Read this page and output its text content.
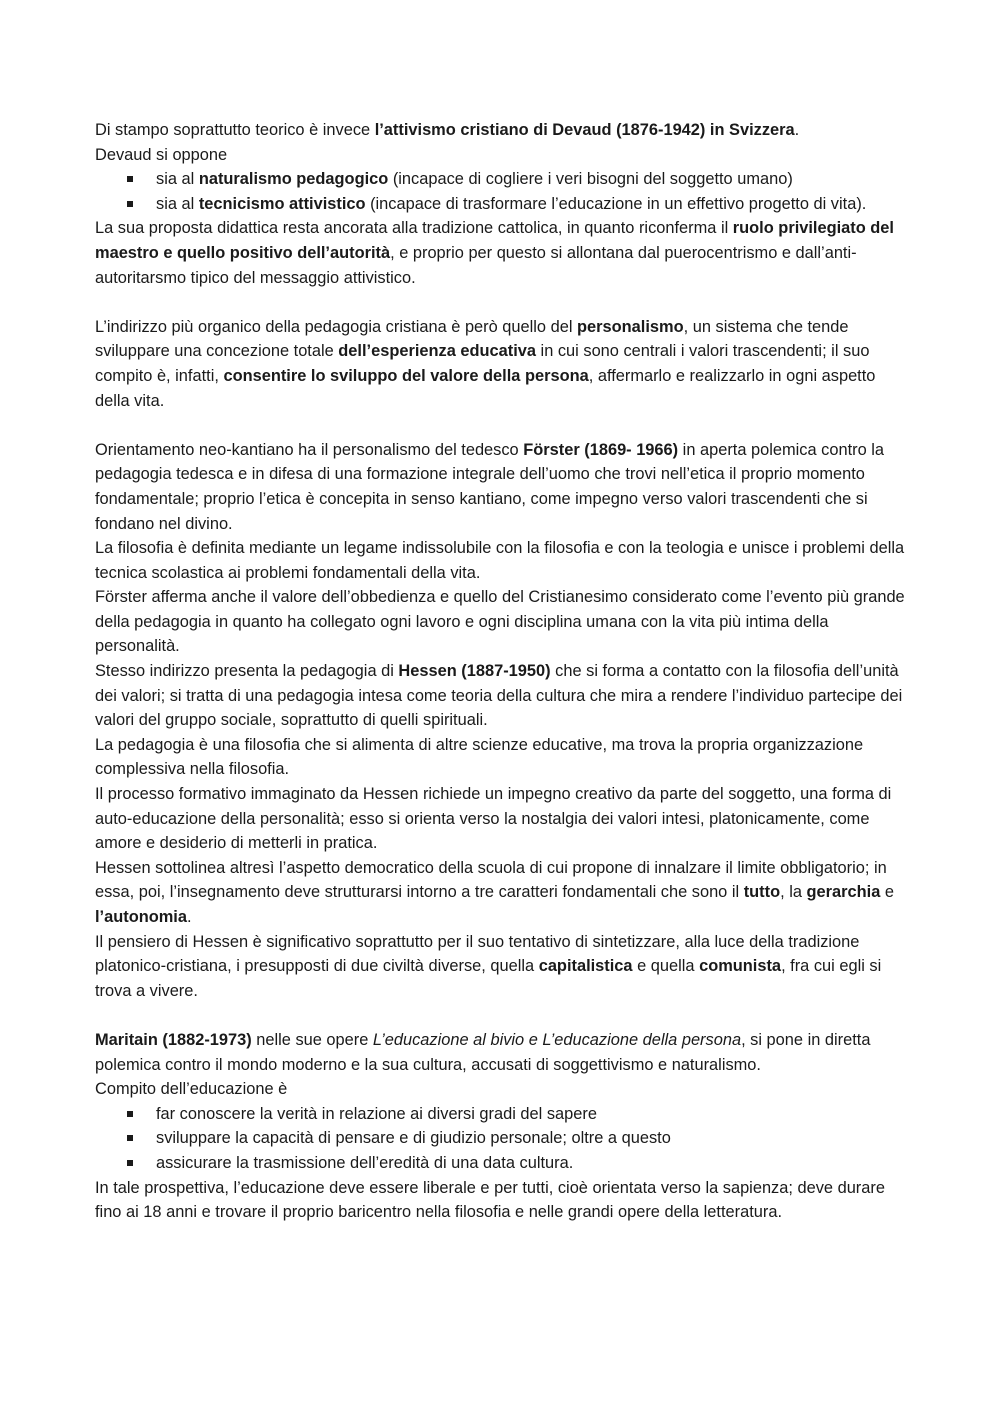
Di stampo soprattutto teorico è invece l’attivismo cristiano di Devaud (1876-1942) in Svizzera.

Devaud si oppone

sia al naturalismo pedagogico (incapace di cogliere i veri bisogni del soggetto umano)
sia al tecnicismo attivistico (incapace di trasformare l’educazione in un effettivo progetto di vita).

La sua proposta didattica resta ancorata alla tradizione cattolica, in quanto riconferma il ruolo privilegiato del maestro e quello positivo dell’autorità, e proprio per questo si allontana dal puerocentrismo e dall’anti-autoritarsmo tipico del messaggio attivistico.

L’indirizzo più organico della pedagogia cristiana è però quello del personalismo, un sistema che tende sviluppare una concezione totale dell’esperienza educativa in cui sono centrali i valori trascendenti; il suo compito è, infatti, consentire lo sviluppo del valore della persona, affermarlo e realizzarlo in ogni aspetto della vita.

Orientamento neo-kantiano ha il personalismo del tedesco Förster (1869- 1966) in aperta polemica contro la pedagogia tedesca e in difesa di una formazione integrale dell’uomo che trovi nell’etica il proprio momento fondamentale; proprio l’etica è concepita in senso kantiano, come impegno verso valori trascendenti che si fondano nel divino.

La filosofia è definita mediante un legame indissolubile con la filosofia e con la teologia e unisce i problemi della tecnica scolastica ai problemi fondamentali della vita.

Förster afferma anche il valore dell’obbedienza e quello del Cristianesimo considerato come l’evento più grande della pedagogia in quanto ha collegato ogni lavoro e ogni disciplina umana con la vita più intima della personalità.

Stesso indirizzo presenta la pedagogia di Hessen (1887-1950) che si forma a contatto con la filosofia dell’unità dei valori; si tratta di una pedagogia intesa come teoria della cultura che mira a rendere l’individuo partecipe dei valori del gruppo sociale, soprattutto di quelli spirituali.

La pedagogia è una filosofia che si alimenta di altre scienze educative, ma trova la propria organizzazione complessiva nella filosofia.

Il processo formativo immaginato da Hessen richiede un impegno creativo da parte del soggetto, una forma di auto-educazione della personalità; esso si orienta verso la nostalgia dei valori intesi, platonicamente, come amore e desiderio di metterli in pratica.

Hessen sottolinea altresì l’aspetto democratico della scuola di cui propone di innalzare il limite obbligatorio; in essa, poi, l’insegnamento deve strutturarsi intorno a tre caratteri fondamentali che sono il tutto, la gerarchia e l’autonomia.

Il pensiero di Hessen è significativo soprattutto per il suo tentativo di sintetizzare, alla luce della tradizione platonico-cristiana, i presupposti di due civiltà diverse, quella capitalistica e quella comunista, fra cui egli si trova a vivere.

Maritain (1882-1973) nelle sue opere L’educazione al bivio e L’educazione della persona, si pone in diretta polemica contro il mondo moderno e la sua cultura, accusati di soggettivismo e naturalismo.

Compito dell’educazione è

far conoscere la verità in relazione ai diversi gradi del sapere
sviluppare la capacità di pensare e di giudizio personale; oltre a questo
assicurare la trasmissione dell’eredità di una data cultura.

In tale prospettiva, l’educazione deve essere liberale e per tutti, cioè orientata verso la sapienza; deve durare fino ai 18 anni e trovare il proprio baricentro nella filosofia e nelle grandi opere della letteratura.
